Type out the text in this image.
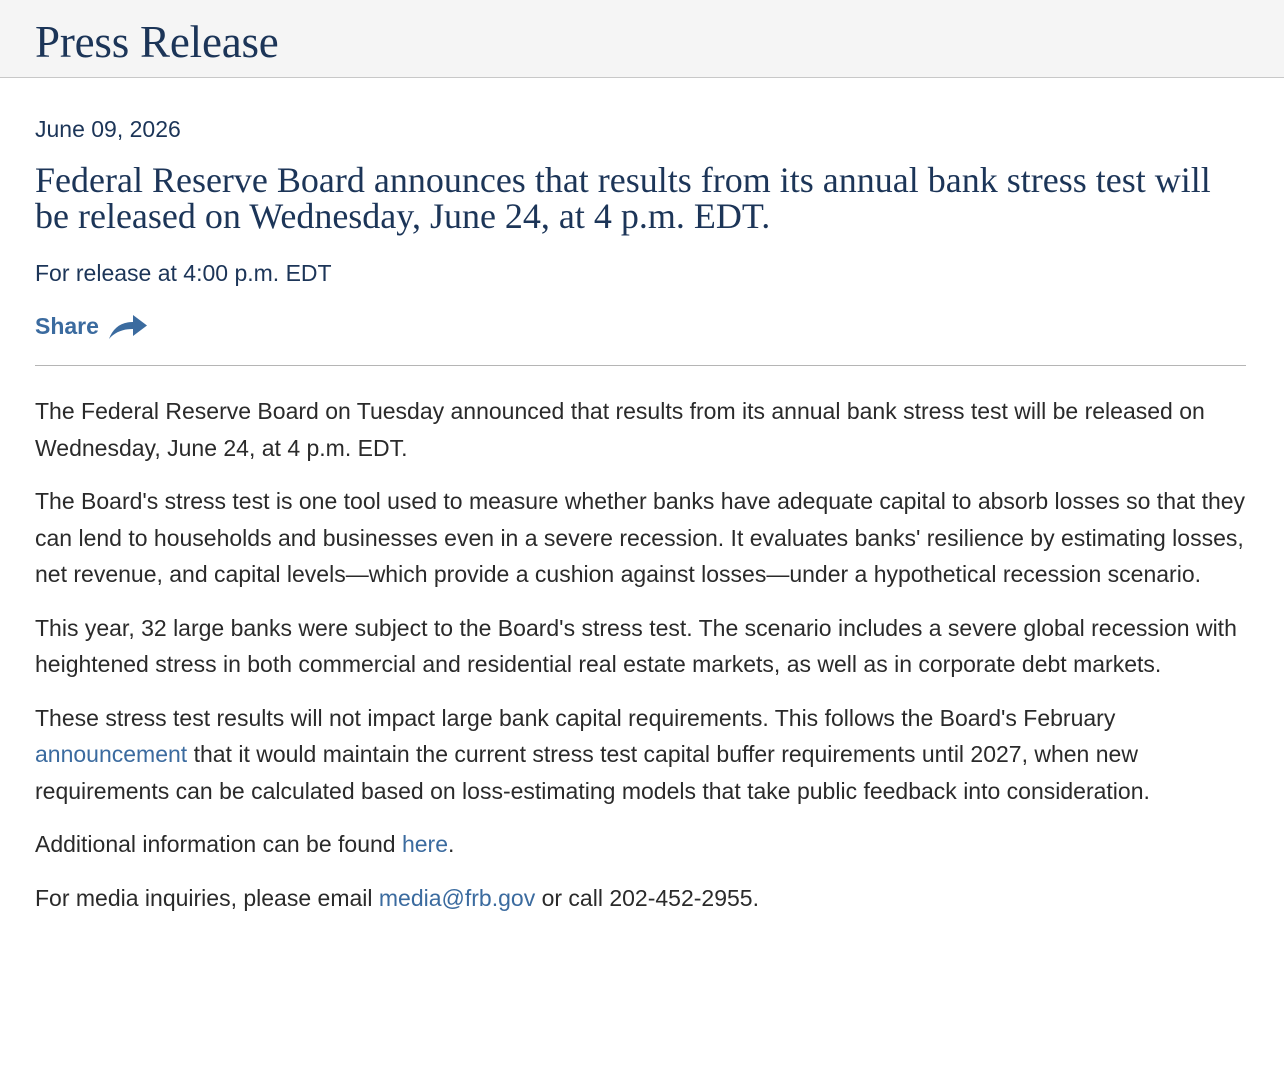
Press Release
June 09, 2026
Federal Reserve Board announces that results from its annual bank stress test will be released on Wednesday, June 24, at 4 p.m. EDT.
For release at 4:00 p.m. EDT
Share

The Federal Reserve Board on Tuesday announced that results from its annual bank stress test will be released on Wednesday, June 24, at 4 p.m. EDT.

The Board's stress test is one tool used to measure whether banks have adequate capital to absorb losses so that they can lend to households and businesses even in a severe recession. It evaluates banks' resilience by estimating losses, net revenue, and capital levels—which provide a cushion against losses—under a hypothetical recession scenario.

This year, 32 large banks were subject to the Board's stress test. The scenario includes a severe global recession with heightened stress in both commercial and residential real estate markets, as well as in corporate debt markets.

These stress test results will not impact large bank capital requirements. This follows the Board's February announcement that it would maintain the current stress test capital buffer requirements until 2027, when new requirements can be calculated based on loss-estimating models that take public feedback into consideration.

Additional information can be found here.

For media inquiries, please email media@frb.gov or call 202-452-2955.
